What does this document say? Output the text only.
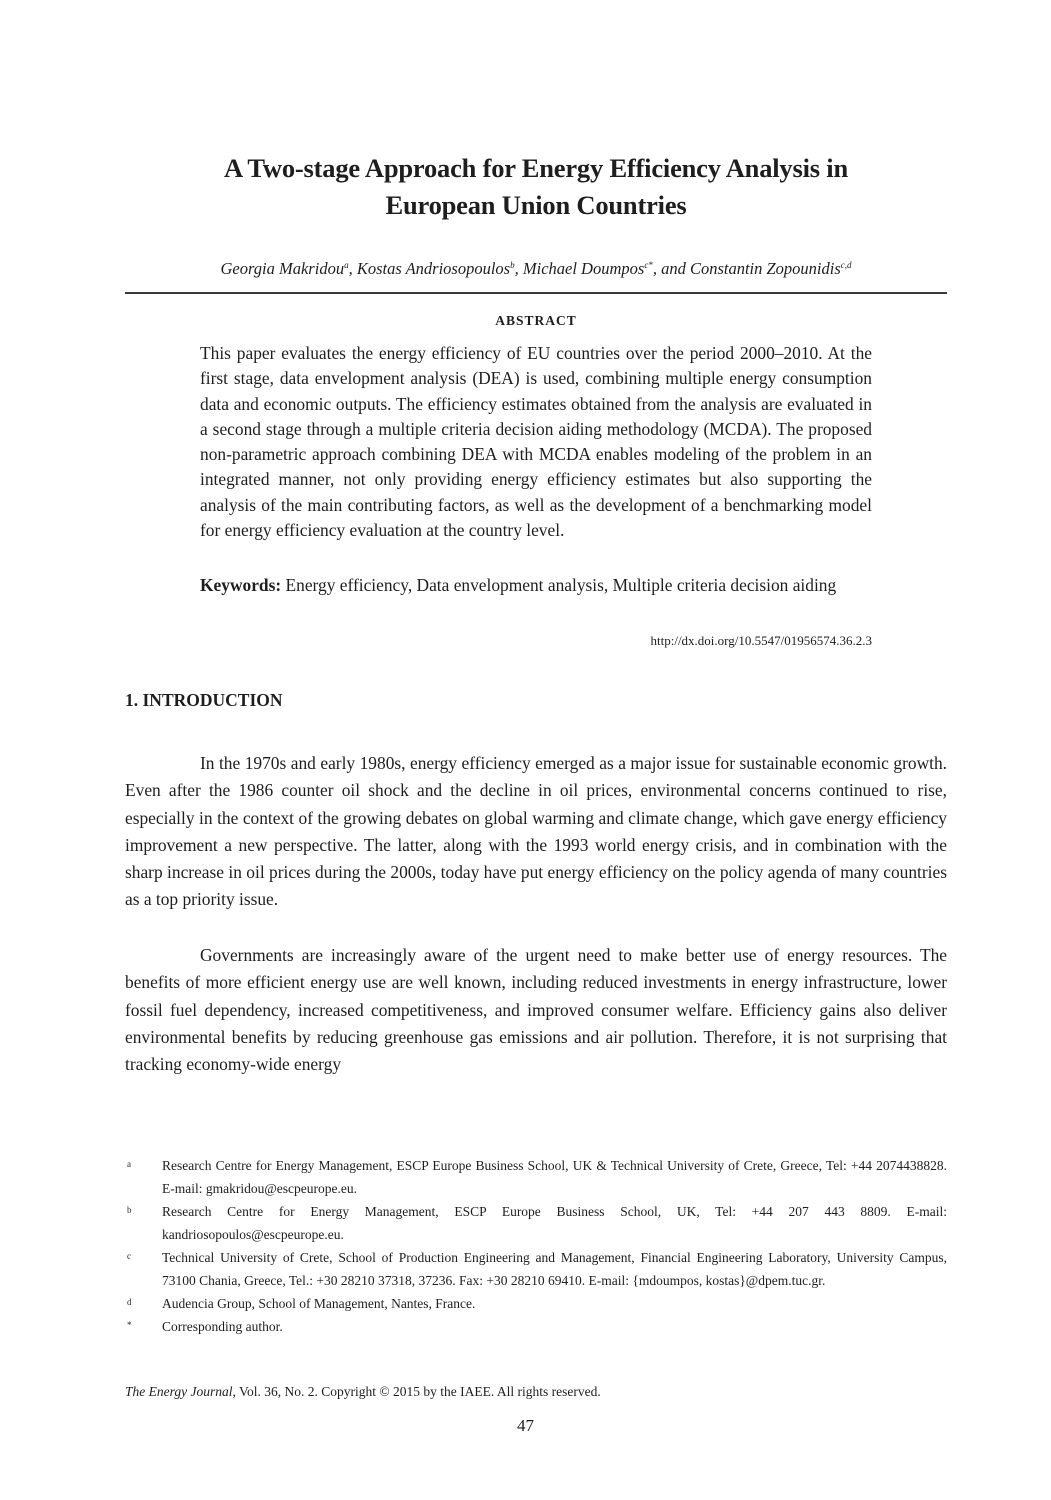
A Two-stage Approach for Energy Efficiency Analysis in
European Union Countries
Georgia Makridou$^a$, Kostas Andriosopoulos$^b$, Michael Doumpos$^{c*}$, and Constantin Zopounidis$^{c,d}$
ABSTRACT
This paper evaluates the energy efficiency of EU countries over the period 2000–2010. At the first stage, data envelopment analysis (DEA) is used, combining multiple energy consumption data and economic outputs. The efficiency estimates obtained from the analysis are evaluated in a second stage through a multiple criteria decision aiding methodology (MCDA). The proposed non-parametric approach combining DEA with MCDA enables modeling of the problem in an integrated manner, not only providing energy efficiency estimates but also supporting the analysis of the main contributing factors, as well as the development of a benchmarking model for energy efficiency evaluation at the country level.
Keywords: Energy efficiency, Data envelopment analysis, Multiple criteria decision aiding
http://dx.doi.org/10.5547/01956574.36.2.3
1. INTRODUCTION

In the 1970s and early 1980s, energy efficiency emerged as a major issue for sustainable economic growth. Even after the 1986 counter oil shock and the decline in oil prices, environmental concerns continued to rise, especially in the context of the growing debates on global warming and climate change, which gave energy efficiency improvement a new perspective. The latter, along with the 1993 world energy crisis, and in combination with the sharp increase in oil prices during the 2000s, today have put energy efficiency on the policy agenda of many countries as a top priority issue.

Governments are increasingly aware of the urgent need to make better use of energy resources. The benefits of more efficient energy use are well known, including reduced investments in energy infrastructure, lower fossil fuel dependency, increased competitiveness, and improved consumer welfare. Efficiency gains also deliver environmental benefits by reducing greenhouse gas emissions and air pollution. Therefore, it is not surprising that tracking economy-wide energy

a	Research Centre for Energy Management, ESCP Europe Business School, UK & Technical University of Crete, Greece, Tel: +44 2074438828. E-mail: gmakridou@escpeurope.eu.
b	Research Centre for Energy Management, ESCP Europe Business School, UK, Tel: +44 207 443 8809. E-mail: kandriosopoulos@escpeurope.eu.
c	Technical University of Crete, School of Production Engineering and Management, Financial Engineering Laboratory, University Campus, 73100 Chania, Greece, Tel.: +30 28210 37318, 37236. Fax: +30 28210 69410. E-mail: {mdoumpos, kostas}@dpem.tuc.gr.
d	Audencia Group, School of Management, Nantes, France.
*	Corresponding author.
The Energy Journal, Vol. 36, No. 2. Copyright © 2015 by the IAEE. All rights reserved.
47
